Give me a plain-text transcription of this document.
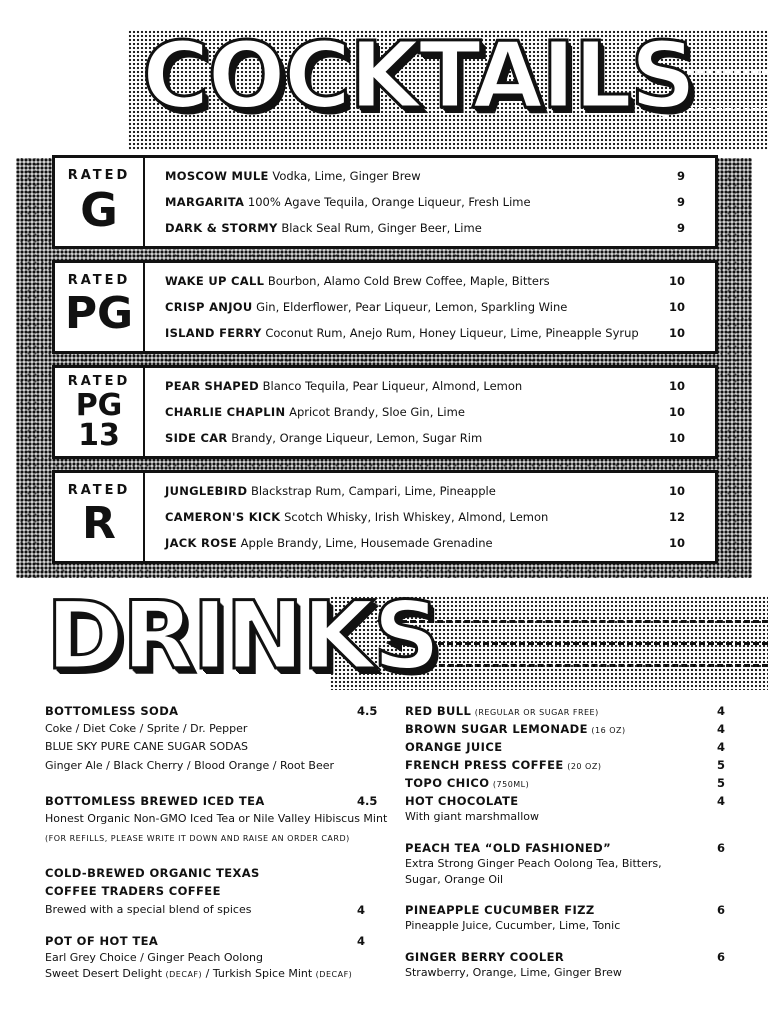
COCKTAILS
RATED
G
MOSCOW MULE Vodka, Lime, Ginger Brew	9
MARGARITA 100% Agave Tequila, Orange Liqueur, Fresh Lime	9
DARK & STORMY Black Seal Rum, Ginger Beer, Lime	9
RATED
PG
WAKE UP CALL Bourbon, Alamo Cold Brew Coffee, Maple, Bitters	10
CRISP ANJOU Gin, Elderflower, Pear Liqueur, Lemon, Sparkling Wine	10
ISLAND FERRY Coconut Rum, Anejo Rum, Honey Liqueur, Lime, Pineapple Syrup	10
RATED
PG
13
PEAR SHAPED Blanco Tequila, Pear Liqueur, Almond, Lemon	10
CHARLIE CHAPLIN Apricot Brandy, Sloe Gin, Lime	10
SIDE CAR Brandy, Orange Liqueur, Lemon, Sugar Rim	10
RATED
R
JUNGLEBIRD Blackstrap Rum, Campari, Lime, Pineapple	10
CAMERON'S KICK Scotch Whisky, Irish Whiskey, Almond, Lemon	12
JACK ROSE Apple Brandy, Lime, Housemade Grenadine	10
DRINKS
BOTTOMLESS SODA	4.5
Coke / Diet Coke / Sprite / Dr. Pepper
BLUE SKY PURE CANE SUGAR SODAS
Ginger Ale / Black Cherry / Blood Orange / Root Beer
BOTTOMLESS BREWED ICED TEA	4.5
Honest Organic Non-GMO Iced Tea or Nile Valley Hibiscus Mint
(FOR REFILLS, PLEASE WRITE IT DOWN AND RAISE AN ORDER CARD)
COLD-BREWED ORGANIC TEXAS
COFFEE TRADERS COFFEE
Brewed with a special blend of spices	4
POT OF HOT TEA	4
Earl Grey Choice / Ginger Peach Oolong
Sweet Desert Delight (DECAF) / Turkish Spice Mint (DECAF)
RED BULL (REGULAR OR SUGAR FREE)	4
BROWN SUGAR LEMONADE (16 OZ)	4
ORANGE JUICE	4
FRENCH PRESS COFFEE (20 OZ)	5
TOPO CHICO (750ML)	5
HOT CHOCOLATE	4
With giant marshmallow
PEACH TEA “OLD FASHIONED”	6
Extra Strong Ginger Peach Oolong Tea, Bitters,
Sugar, Orange Oil
PINEAPPLE CUCUMBER FIZZ	6
Pineapple Juice, Cucumber, Lime, Tonic
GINGER BERRY COOLER	6
Strawberry, Orange, Lime, Ginger Brew
